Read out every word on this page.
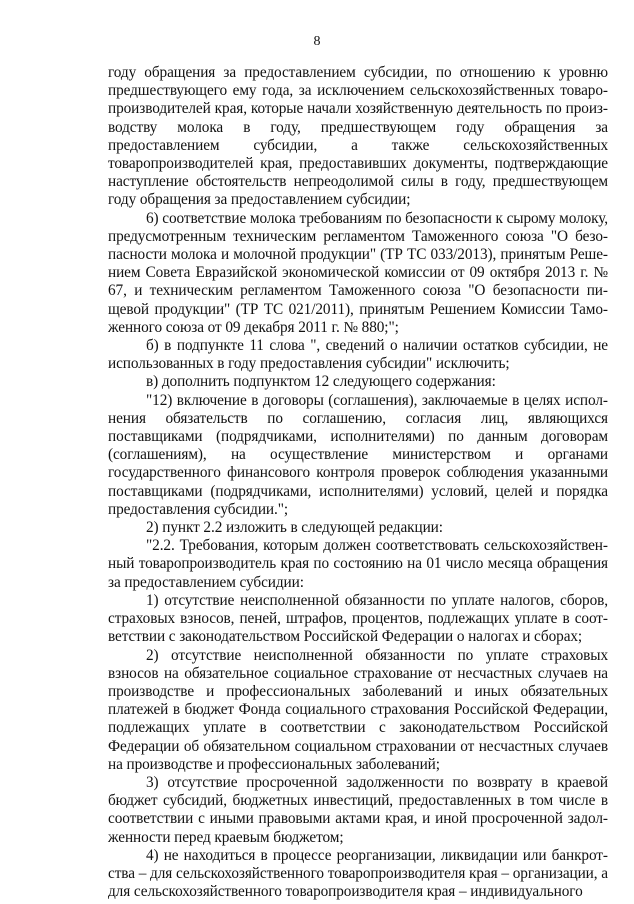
8

году обращения за предоставлением субсидии, по отношению к уровню предшествующего ему года, за исключением сельскохозяйственных товаропроизводителей края, которые начали хозяйственную деятельность по производству молока в году, предшествующем году обращения за предоставлением субсидии, а также сельскохозяйственных товаропроизводителей края, предоставивших документы, подтверждающие наступление обстоятельств непреодолимой силы в году, предшествующем году обращения за предоставлением субсидии;

6) соответствие молока требованиям по безопасности к сырому молоку, предусмотренным техническим регламентом Таможенного союза "О безопасности молока и молочной продукции" (ТР ТС 033/2013), принятым Решением Совета Евразийской экономической комиссии от 09 октября 2013 г. № 67, и техническим регламентом Таможенного союза "О безопасности пищевой продукции" (ТР ТС 021/2011), принятым Решением Комиссии Таможенного союза от 09 декабря 2011 г. № 880;";

б) в подпункте 11 слова ", сведений о наличии остатков субсидии, не использованных в году предоставления субсидии" исключить;

в) дополнить подпунктом 12 следующего содержания:

"12) включение в договоры (соглашения), заключаемые в целях исполнения обязательств по соглашению, согласия лиц, являющихся поставщиками (подрядчиками, исполнителями) по данным договорам (соглашениям), на осуществление министерством и органами государственного финансового контроля проверок соблюдения указанными поставщиками (подрядчиками, исполнителями) условий, целей и порядка предоставления субсидии.";

2) пункт 2.2 изложить в следующей редакции:

"2.2. Требования, которым должен соответствовать сельскохозяйственный товаропроизводитель края по состоянию на 01 число месяца обращения за предоставлением субсидии:

1) отсутствие неисполненной обязанности по уплате налогов, сборов, страховых взносов, пеней, штрафов, процентов, подлежащих уплате в соответствии с законодательством Российской Федерации о налогах и сборах;

2) отсутствие неисполненной обязанности по уплате страховых взносов на обязательное социальное страхование от несчастных случаев на производстве и профессиональных заболеваний и иных обязательных платежей в бюджет Фонда социального страхования Российской Федерации, подлежащих уплате в соответствии с законодательством Российской Федерации об обязательном социальном страховании от несчастных случаев на производстве и профессиональных заболеваний;

3) отсутствие просроченной задолженности по возврату в краевой бюджет субсидий, бюджетных инвестиций, предоставленных в том числе в соответствии с иными правовыми актами края, и иной просроченной задолженности перед краевым бюджетом;

4) не находиться в процессе реорганизации, ликвидации или банкротства – для сельскохозяйственного товаропроизводителя края – организации, а для сельскохозяйственного товаропроизводителя края – индивидуального
